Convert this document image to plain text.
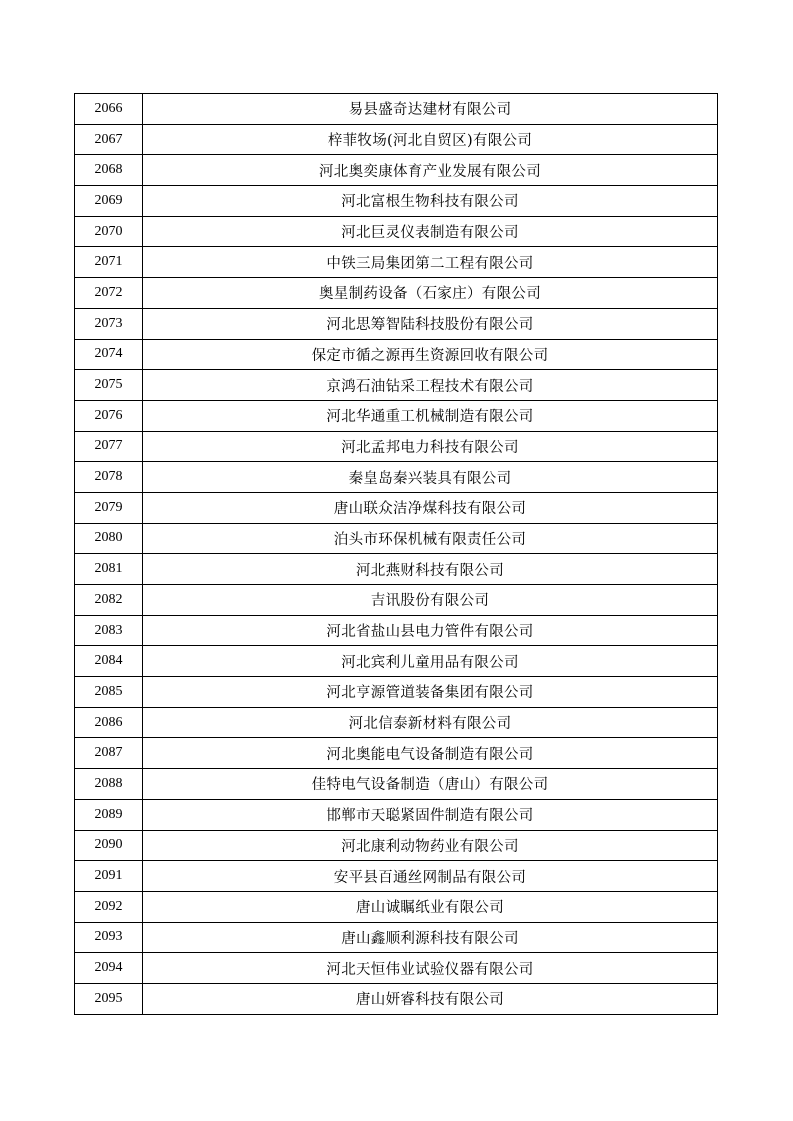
2066	易县盛奇达建材有限公司
2067	梓菲牧场(河北自贸区)有限公司
2068	河北奥奕康体育产业发展有限公司
2069	河北富根生物科技有限公司
2070	河北巨灵仪表制造有限公司
2071	中铁三局集团第二工程有限公司
2072	奥星制药设备（石家庄）有限公司
2073	河北思筹智陆科技股份有限公司
2074	保定市循之源再生资源回收有限公司
2075	京鸿石油钻采工程技术有限公司
2076	河北华通重工机械制造有限公司
2077	河北孟邦电力科技有限公司
2078	秦皇岛秦兴装具有限公司
2079	唐山联众洁净煤科技有限公司
2080	泊头市环保机械有限责任公司
2081	河北燕财科技有限公司
2082	吉讯股份有限公司
2083	河北省盐山县电力管件有限公司
2084	河北宾利儿童用品有限公司
2085	河北亨源管道装备集团有限公司
2086	河北信泰新材料有限公司
2087	河北奥能电气设备制造有限公司
2088	佳特电气设备制造（唐山）有限公司
2089	邯郸市天聪紧固件制造有限公司
2090	河北康利动物药业有限公司
2091	安平县百通丝网制品有限公司
2092	唐山诚瞩纸业有限公司
2093	唐山鑫顺利源科技有限公司
2094	河北天恒伟业试验仪器有限公司
2095	唐山妍睿科技有限公司
